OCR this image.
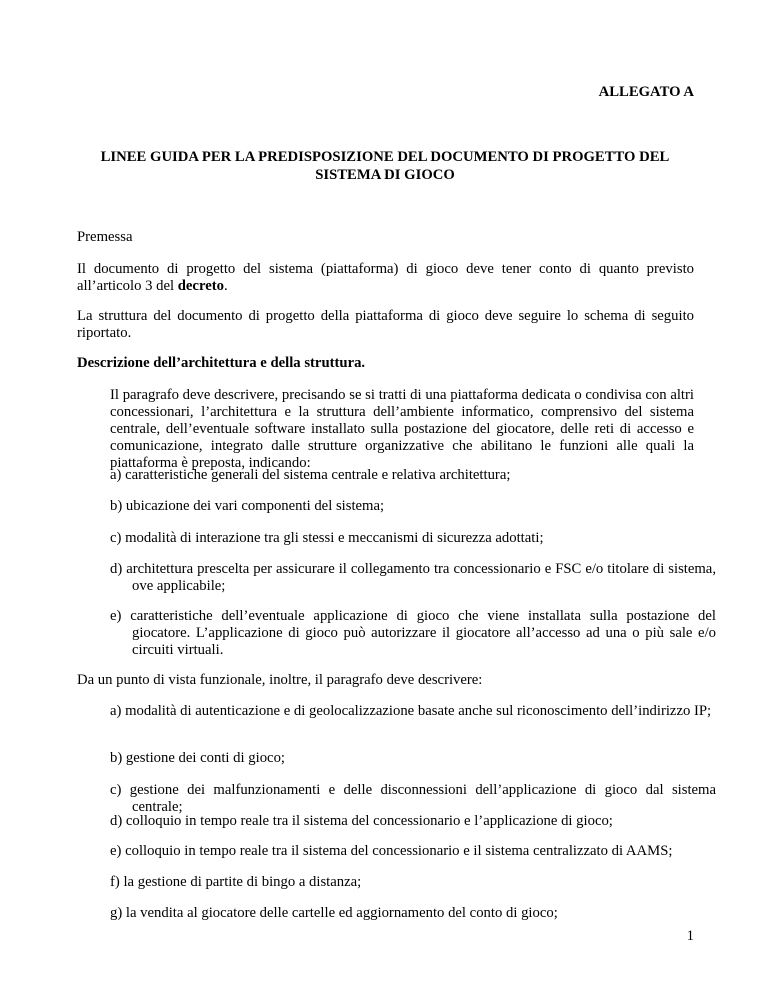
ALLEGATO A
LINEE GUIDA PER LA PREDISPOSIZIONE DEL DOCUMENTO DI PROGETTO DEL
SISTEMA DI GIOCO
Premessa
Il documento di progetto del sistema (piattaforma) di gioco deve tener conto di quanto previsto all’articolo 3 del decreto.
La struttura del documento di progetto della piattaforma di gioco deve seguire lo schema di seguito riportato.
Descrizione dell’architettura e della struttura.
Il paragrafo deve descrivere, precisando se si tratti di una piattaforma dedicata o condivisa con altri concessionari, l’architettura e la struttura dell’ambiente informatico, comprensivo del sistema centrale, dell’eventuale software installato sulla postazione del giocatore, delle reti di accesso e comunicazione, integrato dalle strutture organizzative che abilitano le funzioni alle quali la piattaforma è preposta, indicando:
a) caratteristiche generali del sistema centrale e relativa architettura;
b) ubicazione dei vari componenti del sistema;
c) modalità di interazione tra gli stessi e meccanismi di sicurezza adottati;
d) architettura prescelta per assicurare il collegamento tra concessionario e FSC e/o titolare di sistema, ove applicabile;
e) caratteristiche dell’eventuale applicazione di gioco che viene installata sulla postazione del giocatore. L’applicazione di gioco può autorizzare il giocatore all’accesso ad una o più sale e/o circuiti virtuali.
Da un punto di vista funzionale, inoltre, il paragrafo deve descrivere:
a) modalità di autenticazione e di geolocalizzazione basate anche sul riconoscimento dell’indirizzo IP;
b) gestione dei conti di gioco;
c) gestione dei malfunzionamenti e delle disconnessioni dell’applicazione di gioco dal sistema centrale;
d) colloquio in tempo reale tra il sistema del concessionario e l’applicazione di gioco;
e) colloquio in tempo reale tra il sistema del concessionario e il sistema centralizzato di AAMS;
f) la gestione di partite di bingo a distanza;
g) la vendita al giocatore delle cartelle ed aggiornamento del conto di gioco;
1
